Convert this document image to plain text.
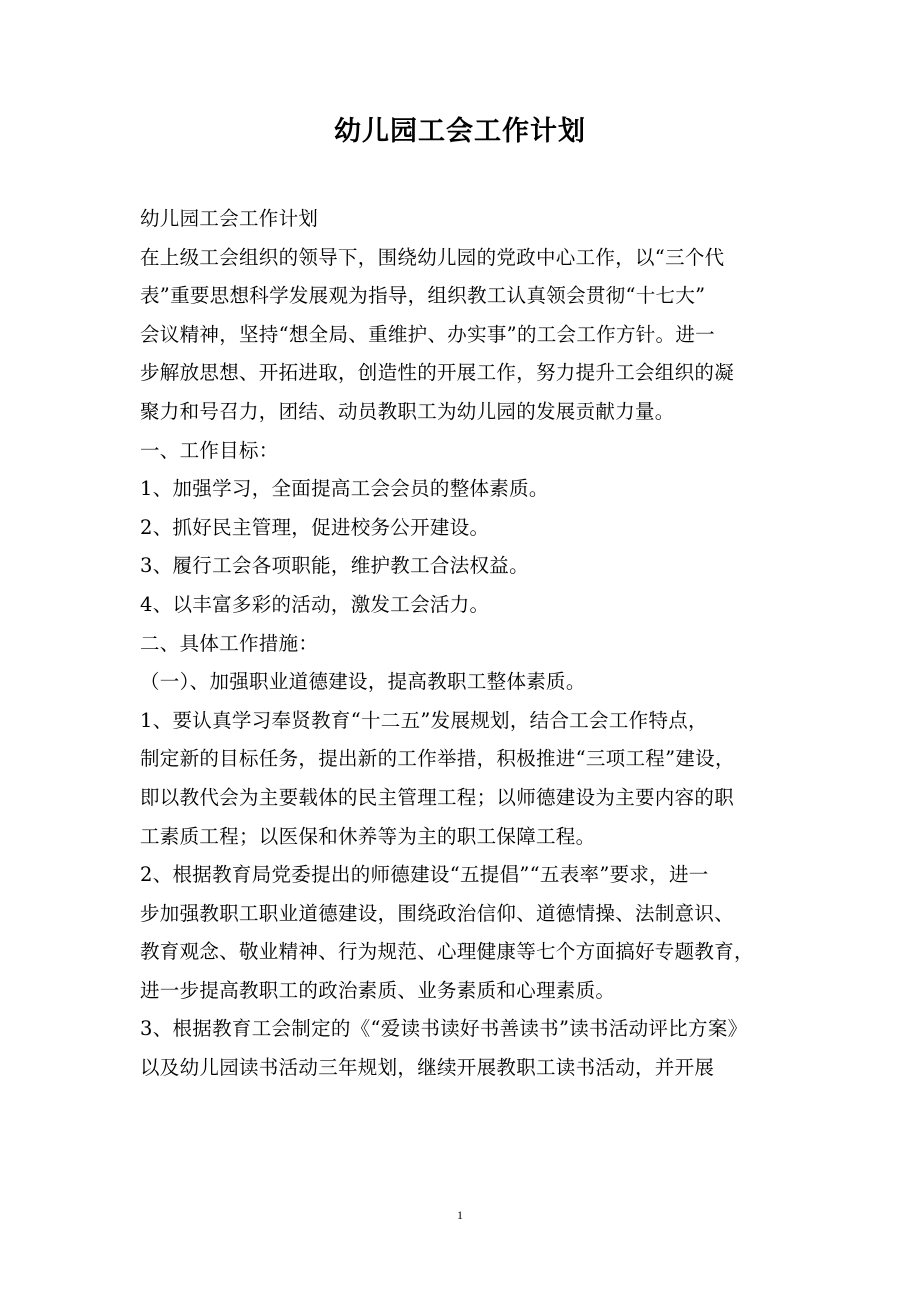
幼儿园工会工作计划
幼儿园工会工作计划
在上级工会组织的领导下，围绕幼儿园的党政中心工作，以“三个代
表”重要思想科学发展观为指导，组织教工认真领会贯彻“十七大”
会议精神，坚持“想全局、重维护、办实事”的工会工作方针。进一
步解放思想、开拓进取，创造性的开展工作，努力提升工会组织的凝
聚力和号召力，团结、动员教职工为幼儿园的发展贡献力量。
一、工作目标：
1、加强学习，全面提高工会会员的整体素质。
2、抓好民主管理，促进校务公开建设。
3、履行工会各项职能，维护教工合法权益。
4、以丰富多彩的活动，激发工会活力。
二、具体工作措施：
（一）、加强职业道德建设，提高教职工整体素质。
1、要认真学习奉贤教育“十二五”发展规划，结合工会工作特点，
制定新的目标任务，提出新的工作举措，积极推进“三项工程”建设，
即以教代会为主要载体的民主管理工程；以师德建设为主要内容的职
工素质工程；以医保和休养等为主的职工保障工程。
2、根据教育局党委提出的师德建设“五提倡”“五表率”要求，进一
步加强教职工职业道德建设，围绕政治信仰、道德情操、法制意识、
教育观念、敬业精神、行为规范、心理健康等七个方面搞好专题教育，
进一步提高教职工的政治素质、业务素质和心理素质。
3、根据教育工会制定的《“爱读书读好书善读书”读书活动评比方案》
以及幼儿园读书活动三年规划，继续开展教职工读书活动，并开展
1
